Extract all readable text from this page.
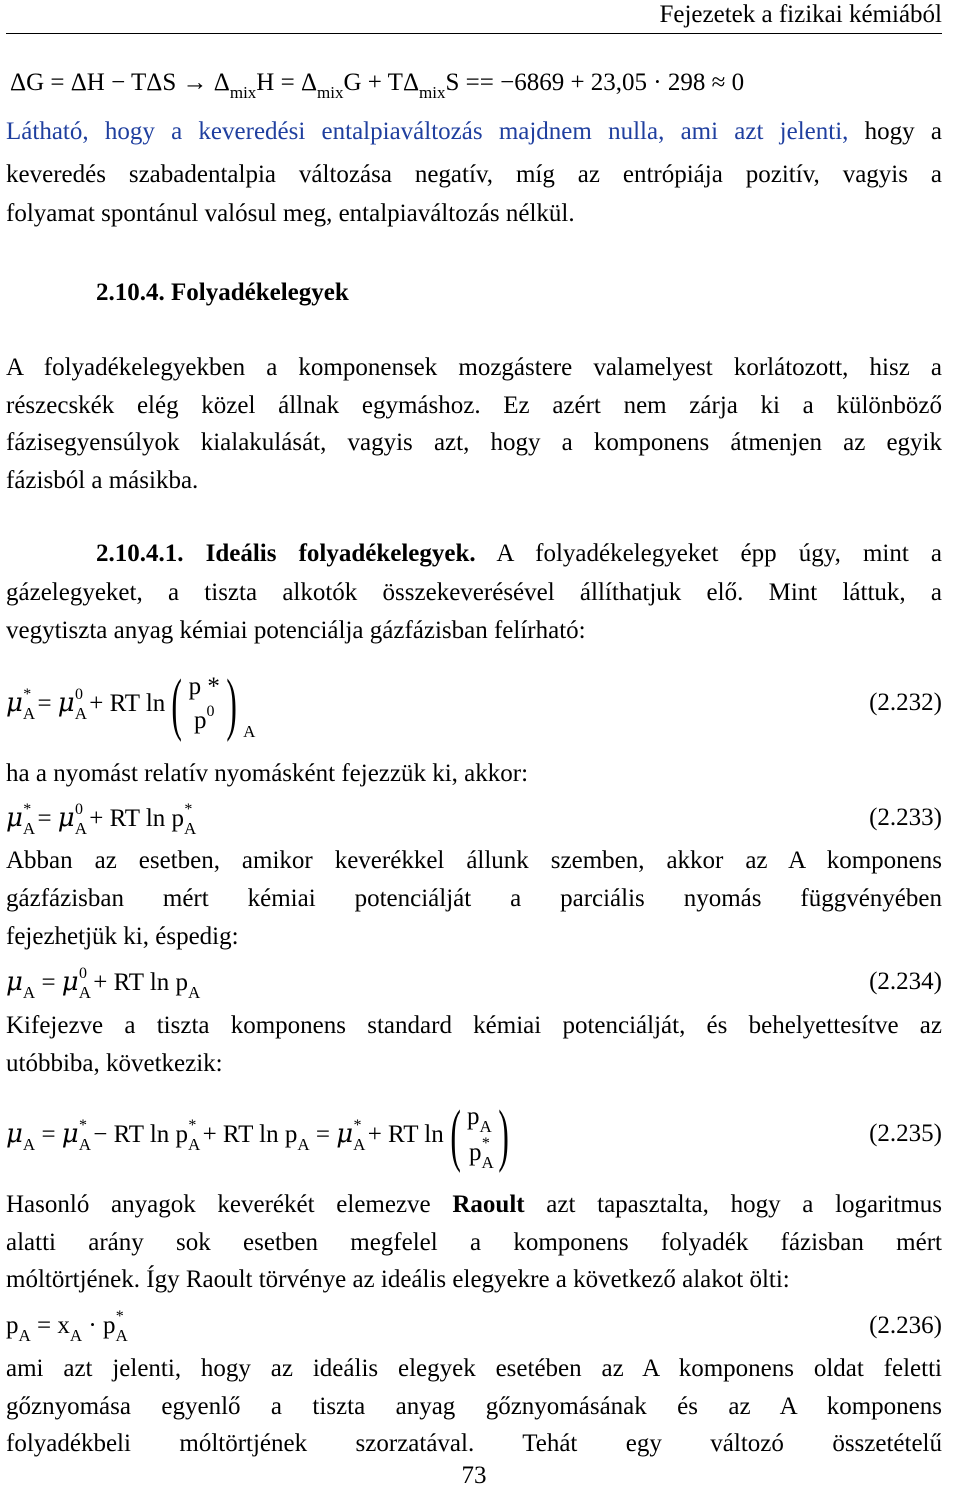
Fejezetek a fizikai kémiából
$\Delta G = \Delta H - T\Delta S \to \Delta_{mix}H = \Delta_{mix}G + T\Delta_{mix}S == -6869 + 23,05 \cdot 298 \approx 0$
Látható, hogy a keveredési entalpiaváltozás majdnem nulla, ami azt jelenti, hogy a
keveredés szabadentalpia változása negatív, míg az entrópiája pozitív, vagyis a
folyamat spontánul valósul meg, entalpiaváltozás nélkül.
2.10.4. Folyadékelegyek
A folyadékelegyekben a komponensek mozgástere valamelyest korlátozott, hisz a
részecskék elég közel állnak egymáshoz. Ez azért nem zárja ki a különböző
fázisegyensúlyok kialakulását, vagyis azt, hogy a komponens átmenjen az egyik
fázisból a másikba.
2.10.4.1. Ideális folyadékelegyek. A folyadékelegyeket épp úgy, mint a
gázelegyeket, a tiszta alkotók összekeverésével állíthatjuk elő. Mint láttuk, a
vegytiszta anyag kémiai potenciálja gázfázisban felírható:
$\mu_A^* = \mu_A^0$ + RT ln( p *
$p^0$ ) $_A$
(2.232)
ha a nyomást relatív nyomásként fejezzük ki, akkor:
$\mu_A^* = \mu_A^0$ + RT $\ln p_A^*$	(2.233)
Abban az esetben, amikor keverékkel állunk szemben, akkor az A komponens
gázfázisban mért kémiai potenciálját a parciális nyomás függvényében
fejezhetjük ki, éspedig:
$\mu_A = \mu_A^0$ + RT $\ln p_A$	(2.234)
Kifejezve a tiszta komponens standard kémiai potenciálját, és behelyettesítve az
utóbbiba, következik:
$\mu_A = \mu_A^*$ − RT $\ln p_A^*$ + RT $\ln p_A = \mu_A^*$ + RT ln( $p_A$
$p_A^*$ )	(2.235)
Hasonló anyagok keverékét elemezve Raoult azt tapasztalta, hogy a logaritmus
alatti arány sok esetben megfelel a komponens folyadék fázisban mért
móltörtjének. Így Raoult törvénye az ideális elegyekre a következő alakot ölti:
$p_A = x_A \cdot p_A^*$	(2.236)
ami azt jelenti, hogy az ideális elegyek esetében az A komponens oldat feletti
gőznyomása egyenlő a tiszta anyag gőznyomásának és az A komponens
folyadékbeli móltörtjének szorzatával. Tehát egy változó összetételű
73
